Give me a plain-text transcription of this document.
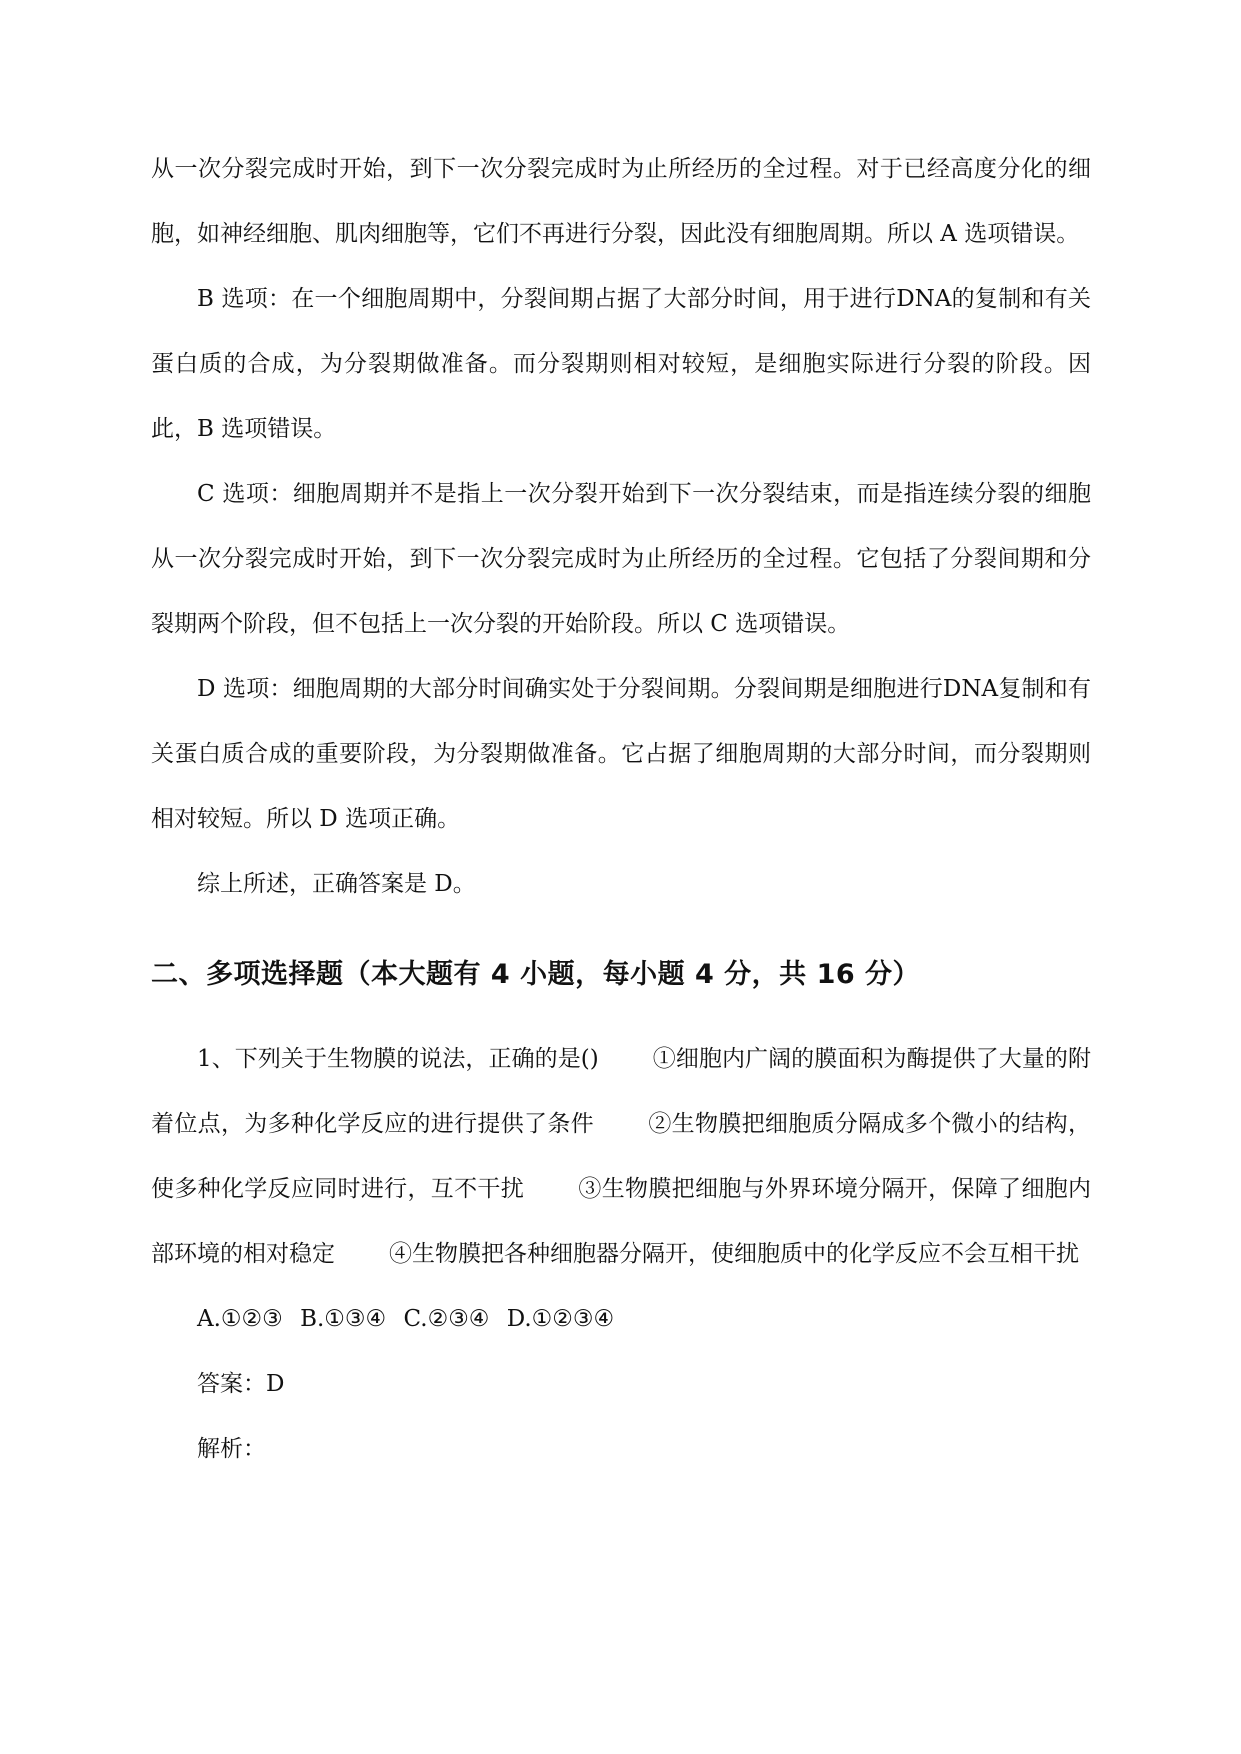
从一次分裂完成时开始，到下一次分裂完成时为止所经历的全过程。对于已经高度分化的细胞，如神经细胞、肌肉细胞等，它们不再进行分裂，因此没有细胞周期。所以 A 选项错误。

B 选项：在一个细胞周期中，分裂间期占据了大部分时间，用于进行DNA的复制和有关蛋白质的合成，为分裂期做准备。而分裂期则相对较短，是细胞实际进行分裂的阶段。因此，B 选项错误。

C 选项：细胞周期并不是指上一次分裂开始到下一次分裂结束，而是指连续分裂的细胞从一次分裂完成时开始，到下一次分裂完成时为止所经历的全过程。它包括了分裂间期和分裂期两个阶段，但不包括上一次分裂的开始阶段。所以 C 选项错误。

D 选项：细胞周期的大部分时间确实处于分裂间期。分裂间期是细胞进行DNA复制和有关蛋白质合成的重要阶段，为分裂期做准备。它占据了细胞周期的大部分时间，而分裂期则相对较短。所以 D 选项正确。

综上所述，正确答案是 D。

二、多项选择题（本大题有 4 小题，每小题 4 分，共 16 分）

1、下列关于生物膜的说法，正确的是() ①细胞内广阔的膜面积为酶提供了大量的附着位点，为多种化学反应的进行提供了条件 ②生物膜把细胞质分隔成多个微小的结构，使多种化学反应同时进行，互不干扰 ③生物膜把细胞与外界环境分隔开，保障了细胞内部环境的相对稳定 ④生物膜把各种细胞器分隔开，使细胞质中的化学反应不会互相干扰

A.①②③ B.①③④ C.②③④ D.①②③④

答案：D

解析：
